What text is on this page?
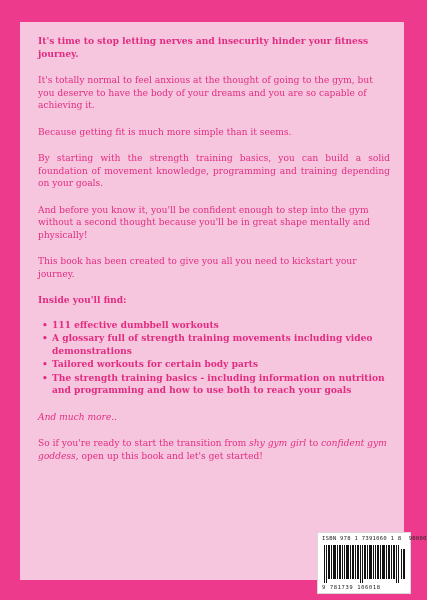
It's time to stop letting nerves and insecurity hinder your fitness journey.

It's totally normal to feel anxious at the thought of going to the gym, but you deserve to have the body of your dreams and you are so capable of achieving it.

Because getting fit is much more simple than it seems.

By starting with the strength training basics, you can build a solid foundation of movement knowledge, programming and training depending on your goals.

And before you know it, you'll be confident enough to step into the gym without a second thought because you'll be in great shape mentally and physically!

This book has been created to give you all you need to kickstart your journey.

Inside you'll find:

• 111 effective dumbbell workouts
• A glossary full of strength training movements including video demonstrations
• Tailored workouts for certain body parts
• The strength training basics - including information on nutrition and programming and how to use both to reach your goals

And much more..

So if you're ready to start the transition from shy gym girl to confident gym goddess, open up this book and let's get started!

ISBN 978 1 7391060 1 8 90000
9 781739 106018
